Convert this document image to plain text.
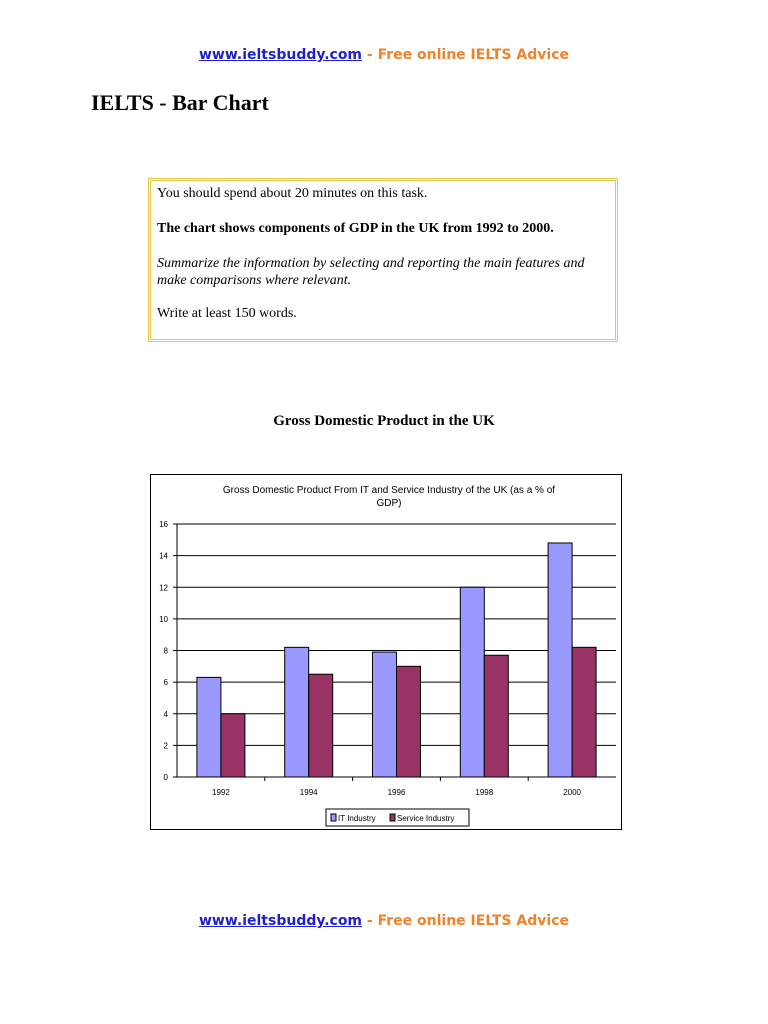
www.ieltsbuddy.com - Free online IELTS Advice
IELTS - Bar Chart

You should spend about 20 minutes on this task.

The chart shows components of GDP in the UK from 1992 to 2000.

Summarize the information by selecting and reporting the main features and make comparisons where relevant.

Write at least 150 words.

Gross Domestic Product in the UK
Gross Domestic Product From IT and Service Industry of the UK (as a % of
GDP)
0
2
4
6
8
10
12
14
16
1992	1994	1996	1998	2000
IT Industry	Service Industry
www.ieltsbuddy.com - Free online IELTS Advice
